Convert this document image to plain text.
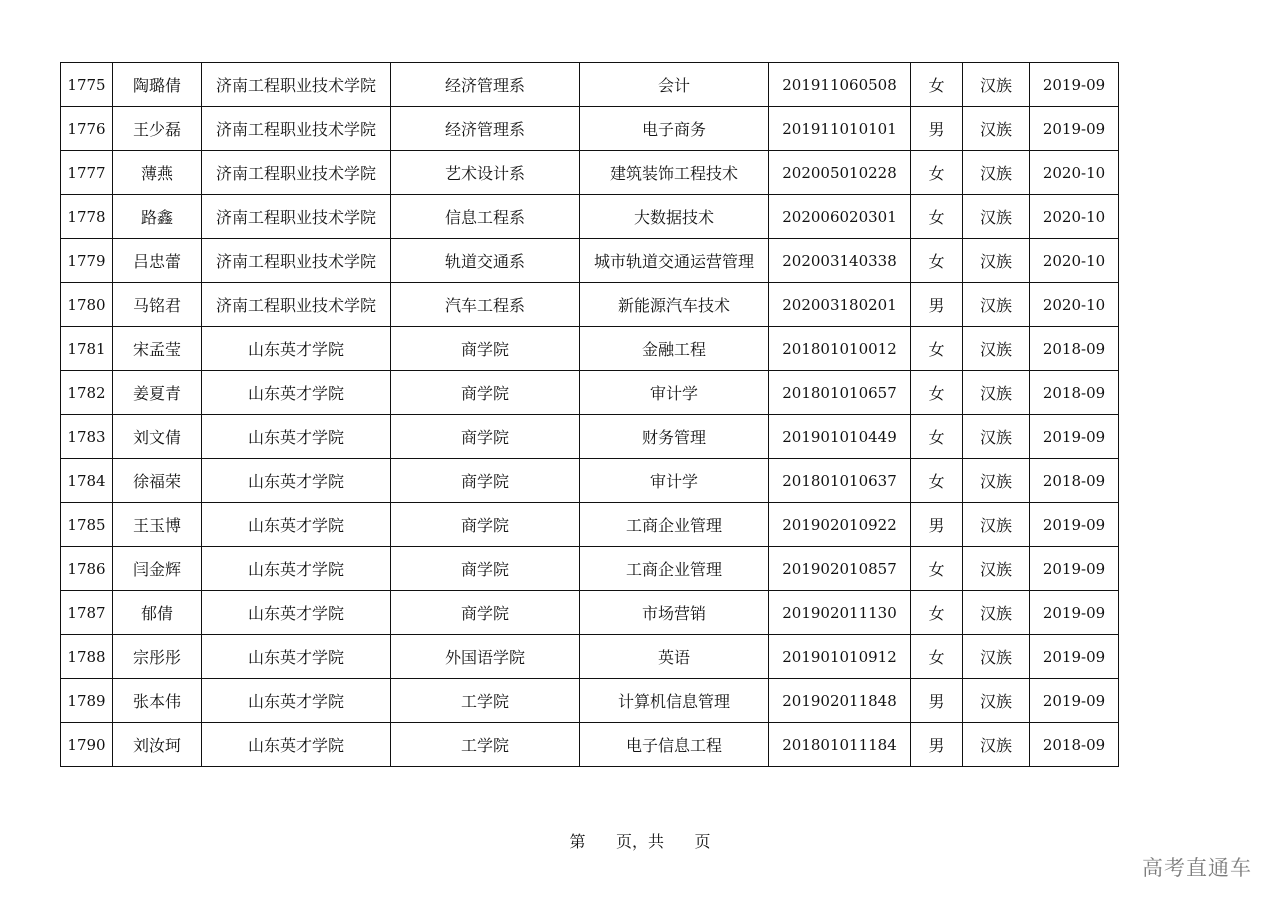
1775	陶璐倩	济南工程职业技术学院	经济管理系	会计	201911060508	女	汉族	2019-09
1776	王少磊	济南工程职业技术学院	经济管理系	电子商务	201911010101	男	汉族	2019-09
1777	薄燕	济南工程职业技术学院	艺术设计系	建筑装饰工程技术	202005010228	女	汉族	2020-10
1778	路鑫	济南工程职业技术学院	信息工程系	大数据技术	202006020301	女	汉族	2020-10
1779	吕忠蕾	济南工程职业技术学院	轨道交通系	城市轨道交通运营管理	202003140338	女	汉族	2020-10
1780	马铭君	济南工程职业技术学院	汽车工程系	新能源汽车技术	202003180201	男	汉族	2020-10
1781	宋孟莹	山东英才学院	商学院	金融工程	201801010012	女	汉族	2018-09
1782	姜夏青	山东英才学院	商学院	审计学	201801010657	女	汉族	2018-09
1783	刘文倩	山东英才学院	商学院	财务管理	201901010449	女	汉族	2019-09
1784	徐福荣	山东英才学院	商学院	审计学	201801010637	女	汉族	2018-09
1785	王玉博	山东英才学院	商学院	工商企业管理	201902010922	男	汉族	2019-09
1786	闫金辉	山东英才学院	商学院	工商企业管理	201902010857	女	汉族	2019-09
1787	郁倩	山东英才学院	商学院	市场营销	201902011130	女	汉族	2019-09
1788	宗彤彤	山东英才学院	外国语学院	英语	201901010912	女	汉族	2019-09
1789	张本伟	山东英才学院	工学院	计算机信息管理	201902011848	男	汉族	2019-09
1790	刘汝珂	山东英才学院	工学院	电子信息工程	201801011184	男	汉族	2018-09
第      页，共      页
高考直通车
